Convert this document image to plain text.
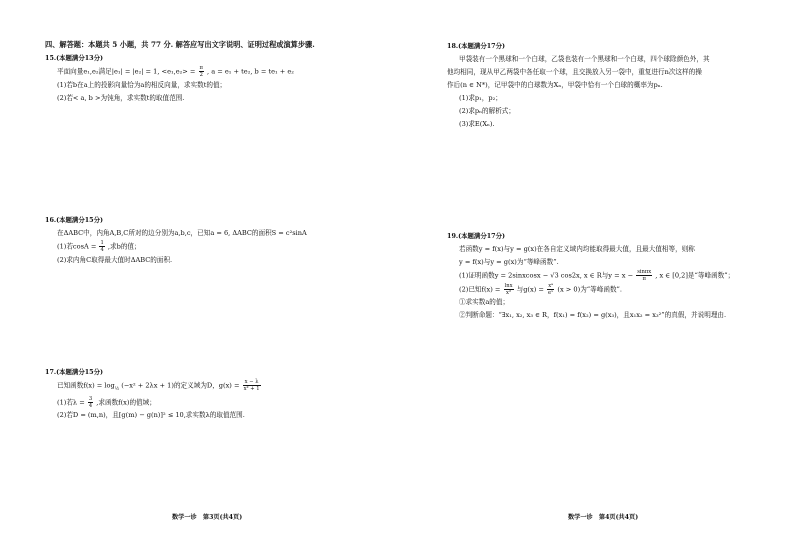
四、解答题：本题共 5 小题，共 77 分. 解答应写出文字说明、证明过程或演算步骤.
15.(本题满分13分)
平面向量e₁,e₂满足|e₁| = |e₂| = 1, $<e_1,e_2> = \frac{\pi}{2}$ , a = e₁ + te₂, b = te₁ + e₂
(1)若b在a上的投影向量恰为a的相反向量，求实数t的值；
(2)若< a, b >为钝角，求实数t的取值范围.
16.(本题满分15分)
在ΔABC中，内角A,B,C所对的边分别为a,b,c，已知a = 6, ΔABC的面积S = c²sinA
(1)若$\cos A = \frac{1}{4}$ ,求b的值；
(2)求内角C取得最大值时ΔABC的面积.
17.(本题满分15分)
已知函数$f(x) = \log_{\frac{1}{2}} (-x^2 + 2\lambda x + 1)$的定义域为D，$g(x) = \frac{x - \lambda}{\text{x² + 1}}$
(1)若$\lambda = \frac{3}{4}$ ,求函数f(x)的值域；
(2)若D = (m,n)，且[g(m) − g(n)]² ≤ 10,求实数λ的取值范围.
数学一诊　第3页(共4页)
18.(本题满分17分)
甲袋装有一个黑球和一个白球，乙袋也装有一个黑球和一个白球，四个球除颜色外，其
他均相同，现从甲乙两袋中各任取一个球，且交换放入另一袋中，重复进行n次这样的操
作后(n ∈ N*)，记甲袋中的白球数为Xₙ，甲袋中恰有一个白球的概率为pₙ.
(1)求p₁，p₂；
(2)求pₙ的解析式；
(3)求E(Xₙ).
19.(本题满分17分)
若函数y = f(x)与y = g(x)在各自定义域内均能取得最大值，且最大值相等，则称
y = f(x)与y = g(x)为“等峰函数”.
(1)证明函数y = 2sinxcosx − √3 cos2x, x ∈ R与$y = x - \frac{\sin\pi x}{\pi}$ , x ∈ [0,2]是“等峰函数”；
(2)已知$f(x) = \frac{\ln x}{\text{x²}}$ 与$g(x) = \frac{\text{xᵃ}}{\text{eˣ}} (x > 0)$为“等峰函数”.
①求实数a的值；
②判断命题：“∃x₁, x₂, x₃ ∈ R，f(x₁) = f(x₂) = g(x₃)，且x₁x₂ = x₃²”的真假，并说明理由.
数学一诊　第4页(共4页)
